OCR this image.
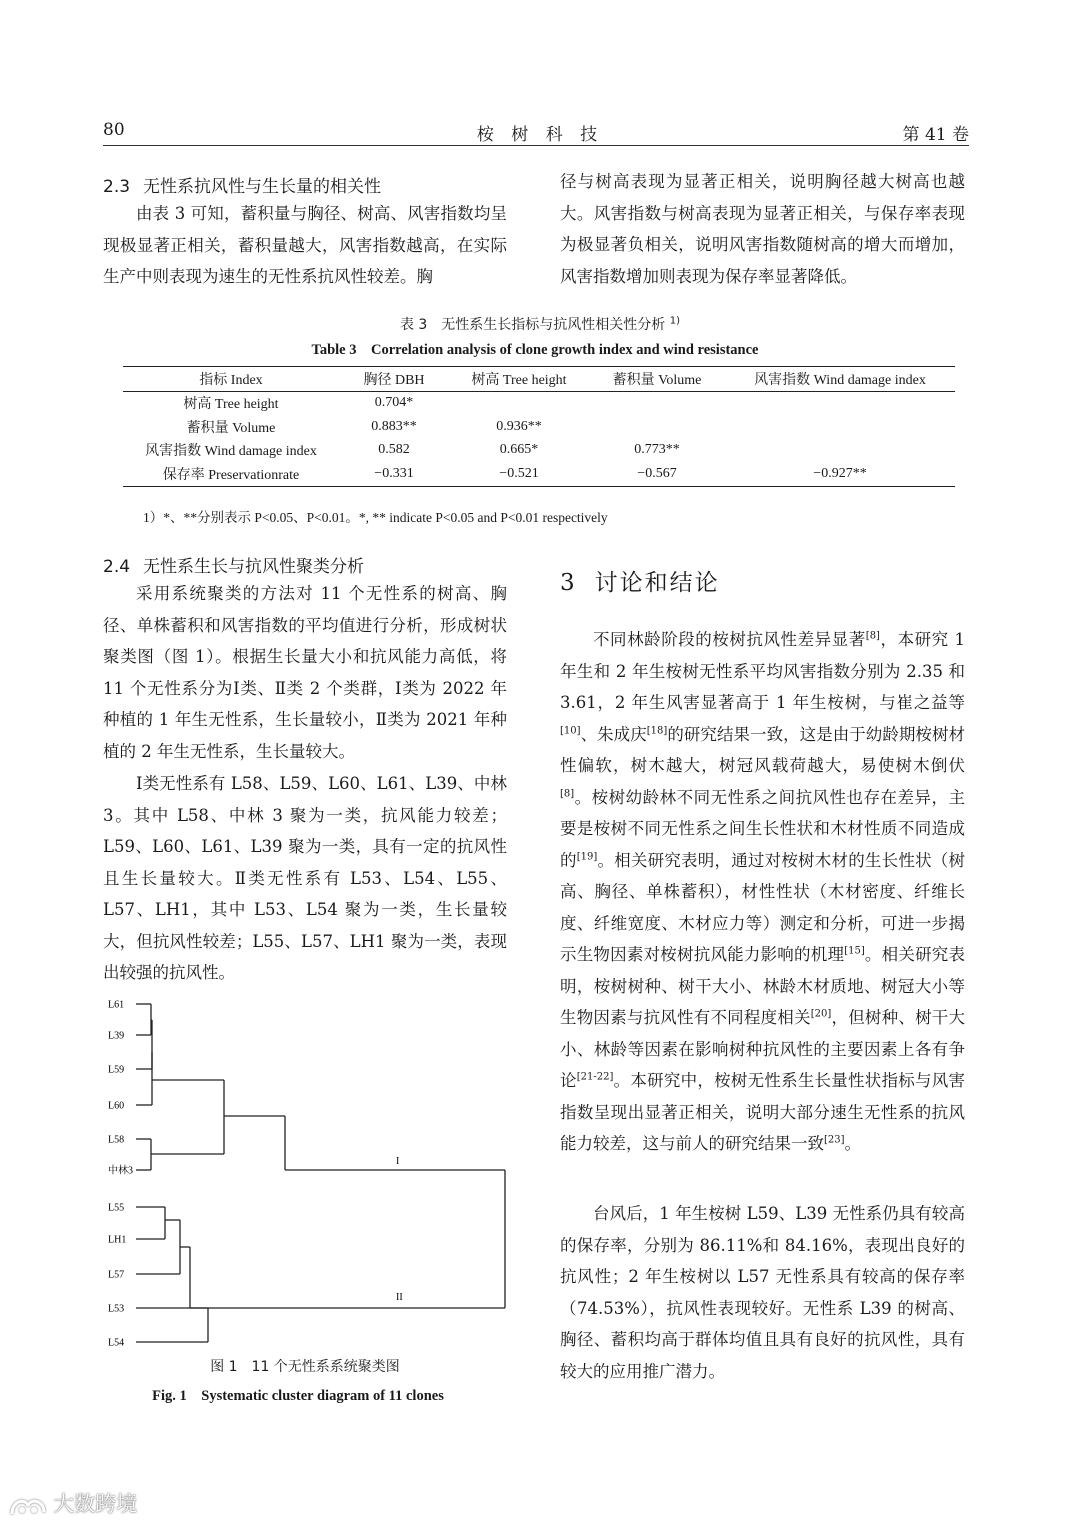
80	桉 树 科 技	第 41 卷
2.3 无性系抗风性与生长量的相关性

由表 3 可知，蓄积量与胸径、树高、风害指数均呈现极显著正相关，蓄积量越大，风害指数越高，在实际生产中则表现为速生的无性系抗风性较差。胸

径与树高表现为显著正相关，说明胸径越大树高也越大。风害指数与树高表现为显著正相关，与保存率表现为极显著负相关，说明风害指数随树高的增大而增加，风害指数增加则表现为保存率显著降低。

表 3　无性系生长指标与抗风性相关性分析 $^{1)}$
Table 3　Correlation analysis of clone growth index and wind resistance
指标 Index	胸径 DBH	树高 Tree height	蓄积量 Volume	风害指数 Wind damage index
树高 Tree height	0.704*			
蓄积量 Volume	0.883**	0.936**		
风害指数 Wind damage index	0.582	0.665*	0.773**	
保存率 Preservationrate	−0.331	−0.521	−0.567	−0.927**
1）*、**分别表示 P<0.05、P<0.01。*, ** indicate P<0.05 and P<0.01 respectively
2.4 无性系生长与抗风性聚类分析

采用系统聚类的方法对 11 个无性系的树高、胸径、单株蓄积和风害指数的平均值进行分析，形成树状聚类图（图 1）。根据生长量大小和抗风能力高低，将 11 个无性系分为Ⅰ类、Ⅱ类 2 个类群，Ⅰ类为 2022 年种植的 1 年生无性系，生长量较小，Ⅱ类为 2021 年种植的 2 年生无性系，生长量较大。

Ⅰ类无性系有 L58、L59、L60、L61、L39、中林 3。其中 L58、中林 3 聚为一类，抗风能力较差；L59、L60、L61、L39 聚为一类，具有一定的抗风性且生长量较大。Ⅱ类无性系有 L53、L54、L55、L57、LH1，其中 L53、L54 聚为一类，生长量较大，但抗风性较差；L55、L57、LH1 聚为一类，表现出较强的抗风性。

L61
L39
L59
L60
L58
中林3
L55
LH1
L57
L53
L54
I
II
图 1　11 个无性系系统聚类图
Fig. 1　Systematic cluster diagram of 11 clones
3 讨论和结论

不同林龄阶段的桉树抗风性差异显著[8]，本研究 1 年生和 2 年生桉树无性系平均风害指数分别为 2.35 和 3.61，2 年生风害显著高于 1 年生桉树，与崔之益等[10]、朱成庆[18]的研究结果一致，这是由于幼龄期桉树材性偏软，树木越大，树冠风载荷越大，易使树木倒伏[8]。桉树幼龄林不同无性系之间抗风性也存在差异，主要是桉树不同无性系之间生长性状和木材性质不同造成的[19]。相关研究表明，通过对桉树木材的生长性状（树高、胸径、单株蓄积），材性性状（木材密度、纤维长度、纤维宽度、木材应力等）测定和分析，可进一步揭示生物因素对桉树抗风能力影响的机理[15]。相关研究表明，桉树树种、树干大小、林龄木材质地、树冠大小等生物因素与抗风性有不同程度相关[20]，但树种、树干大小、林龄等因素在影响树种抗风性的主要因素上各有争论[21-22]。本研究中，桉树无性系生长量性状指标与风害指数呈现出显著正相关，说明大部分速生无性系的抗风能力较差，这与前人的研究结果一致[23]。

台风后，1 年生桉树 L59、L39 无性系仍具有较高的保存率，分别为 86.11%和 84.16%，表现出良好的抗风性；2 年生桉树以 L57 无性系具有较高的保存率（74.53%），抗风性表现较好。无性系 L39 的树高、胸径、蓄积均高于群体均值且具有良好的抗风性，具有较大的应用推广潜力。

大数跨境
